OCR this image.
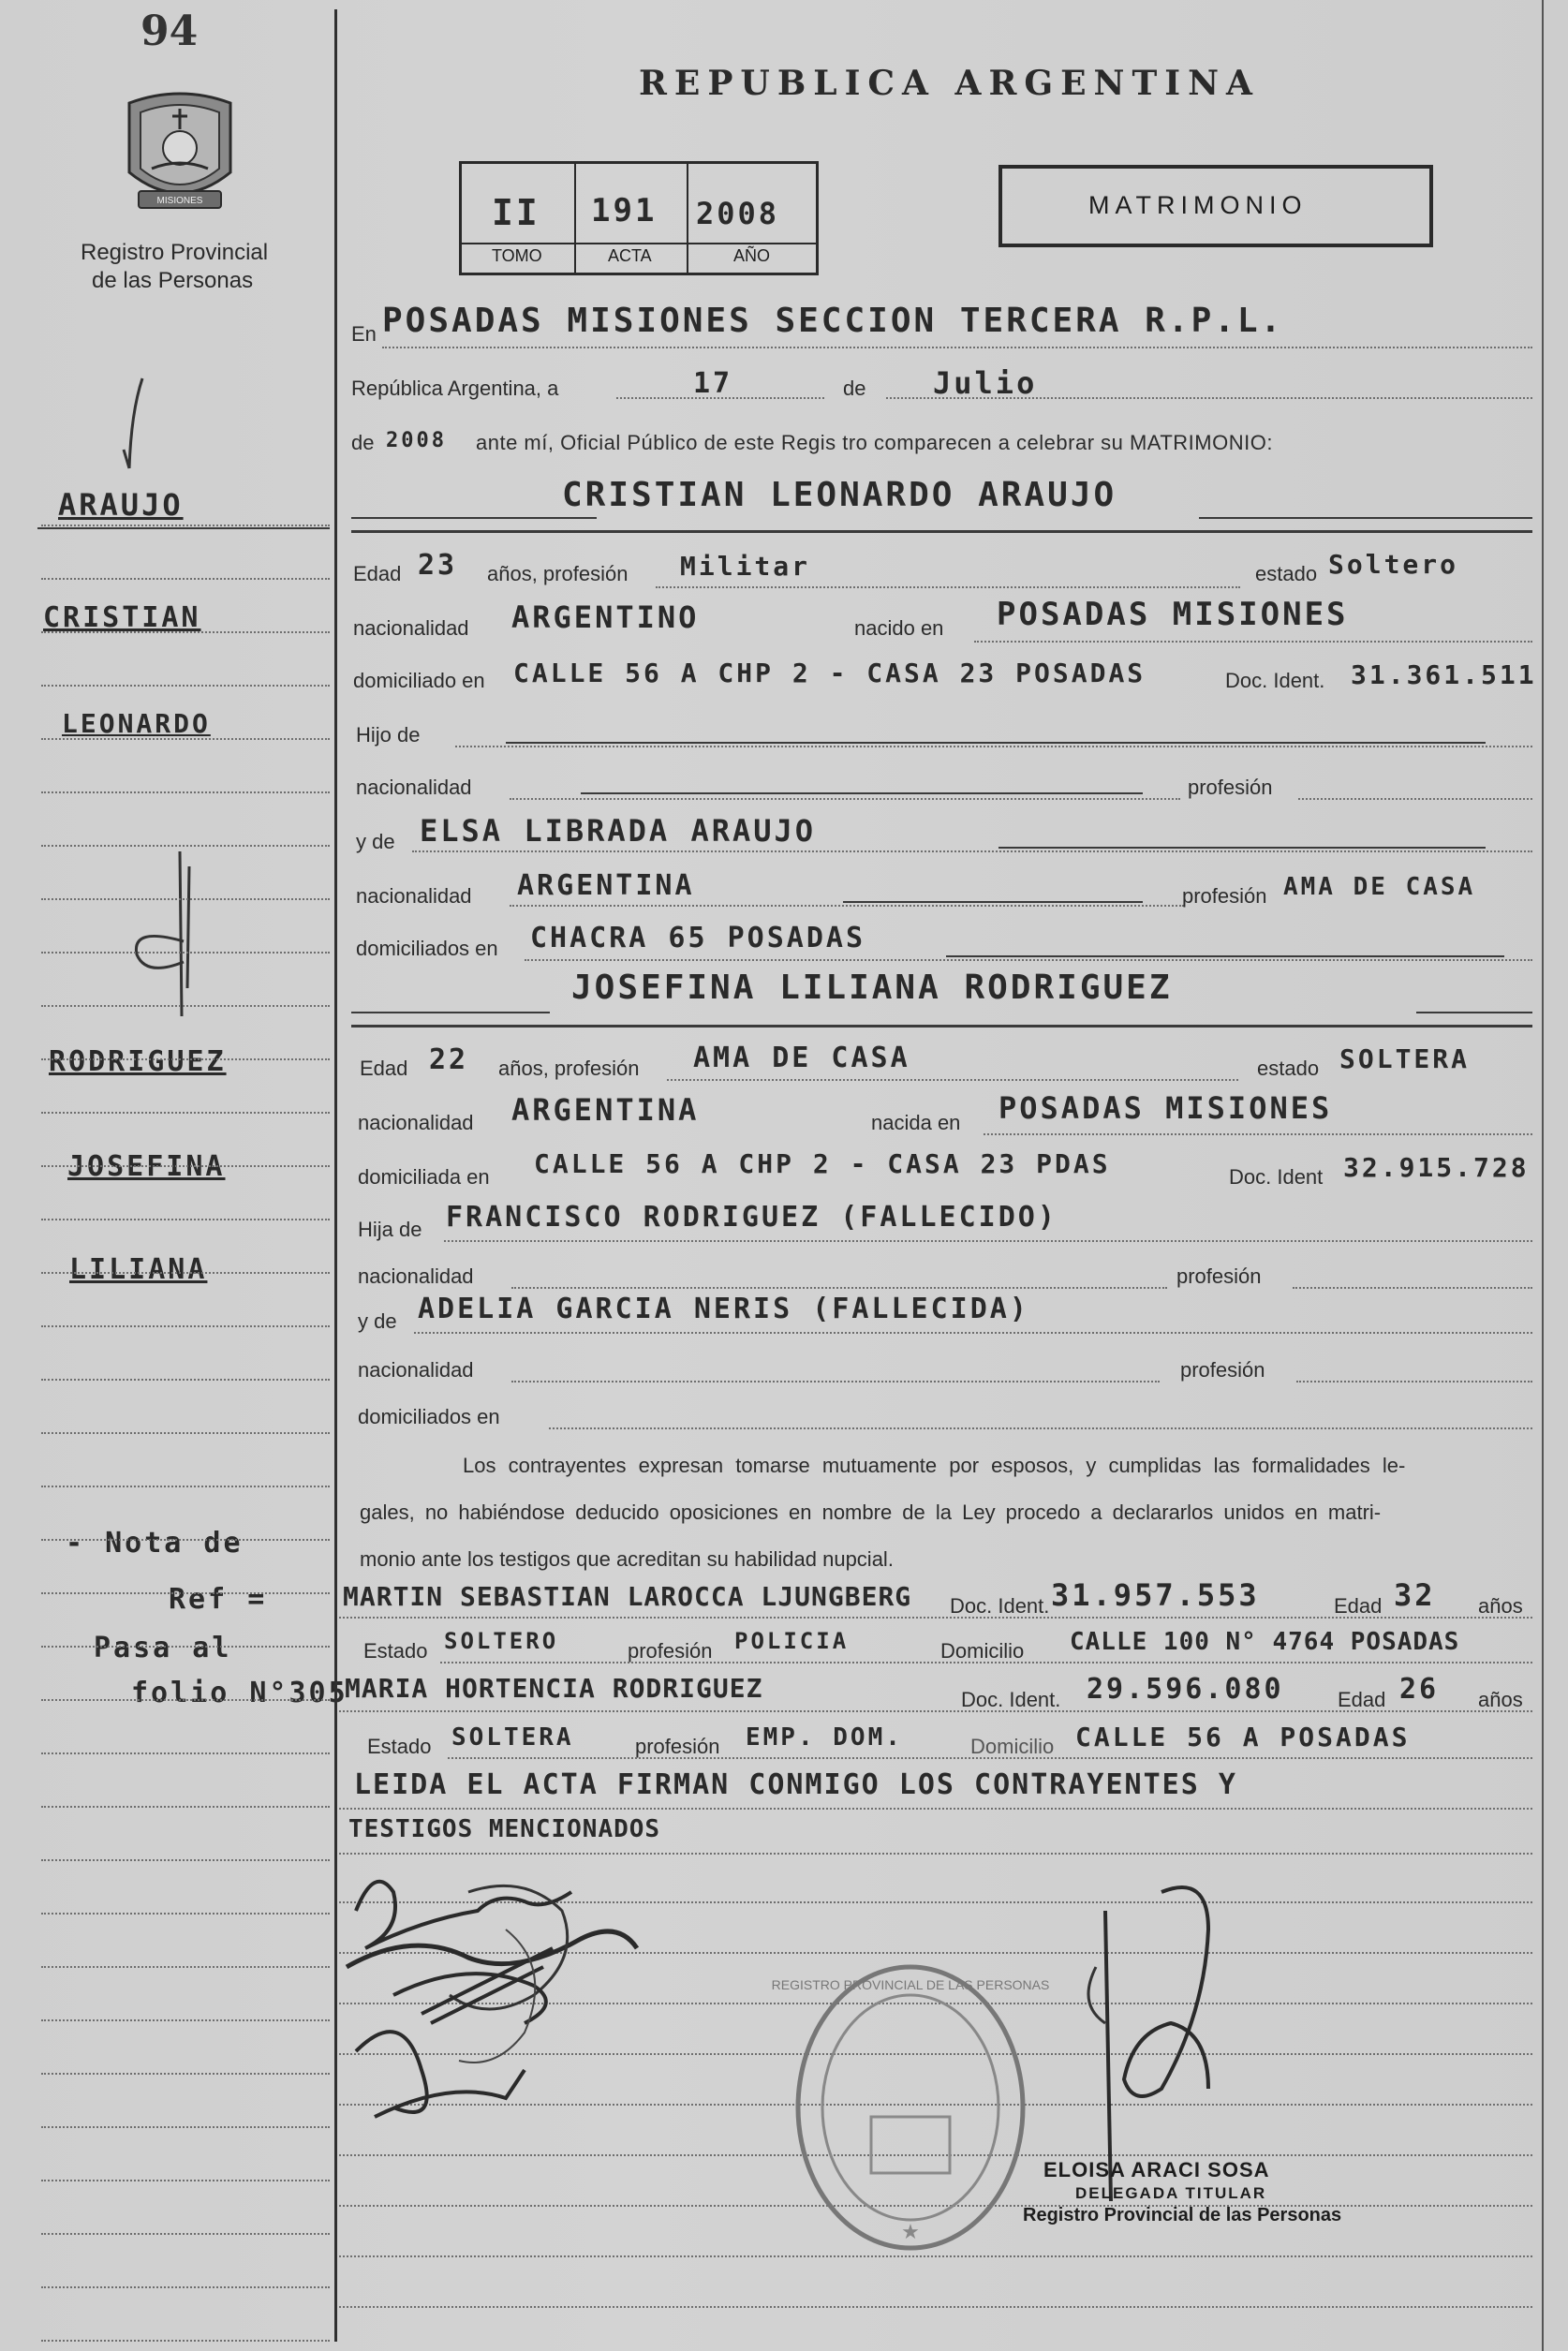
94
MISIONES
Registro Provincial
de las Personas
ARAUJO
CRISTIAN
LEONARDO
RODRIGUEZ
JOSEFINA
LILIANA
- Nota de
Ref =
Pasa al
folio N°305
REPUBLICA ARGENTINA
II 191 2008
TOMO	ACTA	AÑO
MATRIMONIO
En POSADAS MISIONES SECCION TERCERA R.P.L.
República Argentina, a	17	de Julio
de 2008 ante mí, Oficial Público de este Regis tro comparecen a celebrar su MATRIMONIO:
CRISTIAN LEONARDO ARAUJO
Edad 23 años, profesión Militar	estado Soltero
nacionalidad ARGENTINO	nacido en POSADAS MISIONES
domiciliado en CALLE 56 A CHP 2 - CASA 23 POSADAS	Doc. Ident. 31.361.511
Hijo de
nacionalidad	profesión
y de ELSA LIBRADA ARAUJO
nacionalidad ARGENTINA	profesión AMA DE CASA
domiciliados en CHACRA 65 POSADAS
JOSEFINA LILIANA RODRIGUEZ
Edad 22 años, profesión AMA DE CASA	estado SOLTERA
nacionalidad ARGENTINA	nacida en POSADAS MISIONES
domiciliada en CALLE 56 A CHP 2 - CASA 23 PDAS	Doc. Ident 32.915.728
Hija de FRANCISCO RODRIGUEZ (FALLECIDO)
nacionalidad	profesión
y de ADELIA GARCIA NERIS (FALLECIDA)
nacionalidad	profesión
domiciliados en
Los contrayentes expresan tomarse mutuamente por esposos, y cumplidas las formalidades le-
gales, no habiéndose deducido oposiciones en nombre de la Ley procedo a declararlos unidos en matri-
monio ante los testigos que acreditan su habilidad nupcial.
MARTIN SEBASTIAN LAROCCA LJUNGBERG Doc. Ident. 31.957.553	Edad 32 años
Estado SOLTERO	profesión POLICIA	Domicilio CALLE 100 N° 4764 POSADAS
MARIA HORTENCIA RODRIGUEZ	Doc. Ident. 29.596.080	Edad 26 años
Estado SOLTERA	profesión EMP. DOM.	Domicilio CALLE 56 A POSADAS
LEIDA EL ACTA FIRMAN CONMIGO LOS CONTRAYENTES Y
TESTIGOS MENCIONADOS
REGISTRO PROVINCIAL DE LAS PERSONAS
★
ELOISA ARACI SOSA
DELEGADA TITULAR
Registro Provincial de las Personas
